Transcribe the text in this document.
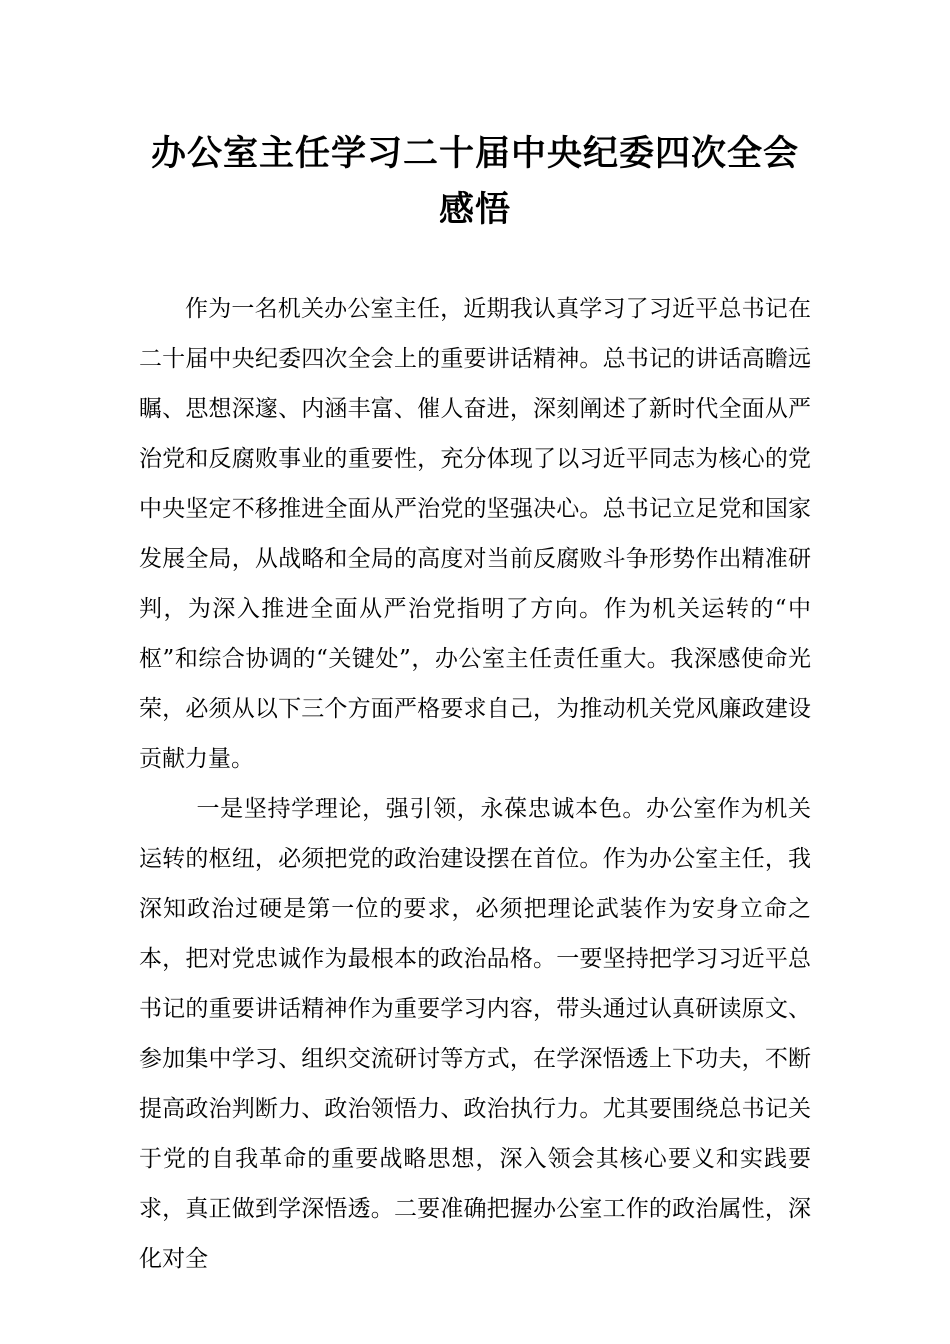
办公室主任学习二十届中央纪委四次全会感悟

作为一名机关办公室主任，近期我认真学习了习近平总书记在二十届中央纪委四次全会上的重要讲话精神。总书记的讲话高瞻远瞩、思想深邃、内涵丰富、催人奋进，深刻阐述了新时代全面从严治党和反腐败事业的重要性，充分体现了以习近平同志为核心的党中央坚定不移推进全面从严治党的坚强决心。总书记立足党和国家发展全局，从战略和全局的高度对当前反腐败斗争形势作出精准研判，为深入推进全面从严治党指明了方向。作为机关运转的“中枢”和综合协调的“关键处”，办公室主任责任重大。我深感使命光荣，必须从以下三个方面严格要求自己，为推动机关党风廉政建设贡献力量。

一是坚持学理论，强引领，永葆忠诚本色。办公室作为机关运转的枢纽，必须把党的政治建设摆在首位。作为办公室主任，我深知政治过硬是第一位的要求，必须把理论武装作为安身立命之本，把对党忠诚作为最根本的政治品格。一要坚持把学习习近平总书记的重要讲话精神作为重要学习内容，带头通过认真研读原文、参加集中学习、组织交流研讨等方式，在学深悟透上下功夫，不断提高政治判断力、政治领悟力、政治执行力。尤其要围绕总书记关于党的自我革命的重要战略思想，深入领会其核心要义和实践要求，真正做到学深悟透。二要准确把握办公室工作的政治属性，深化对全
